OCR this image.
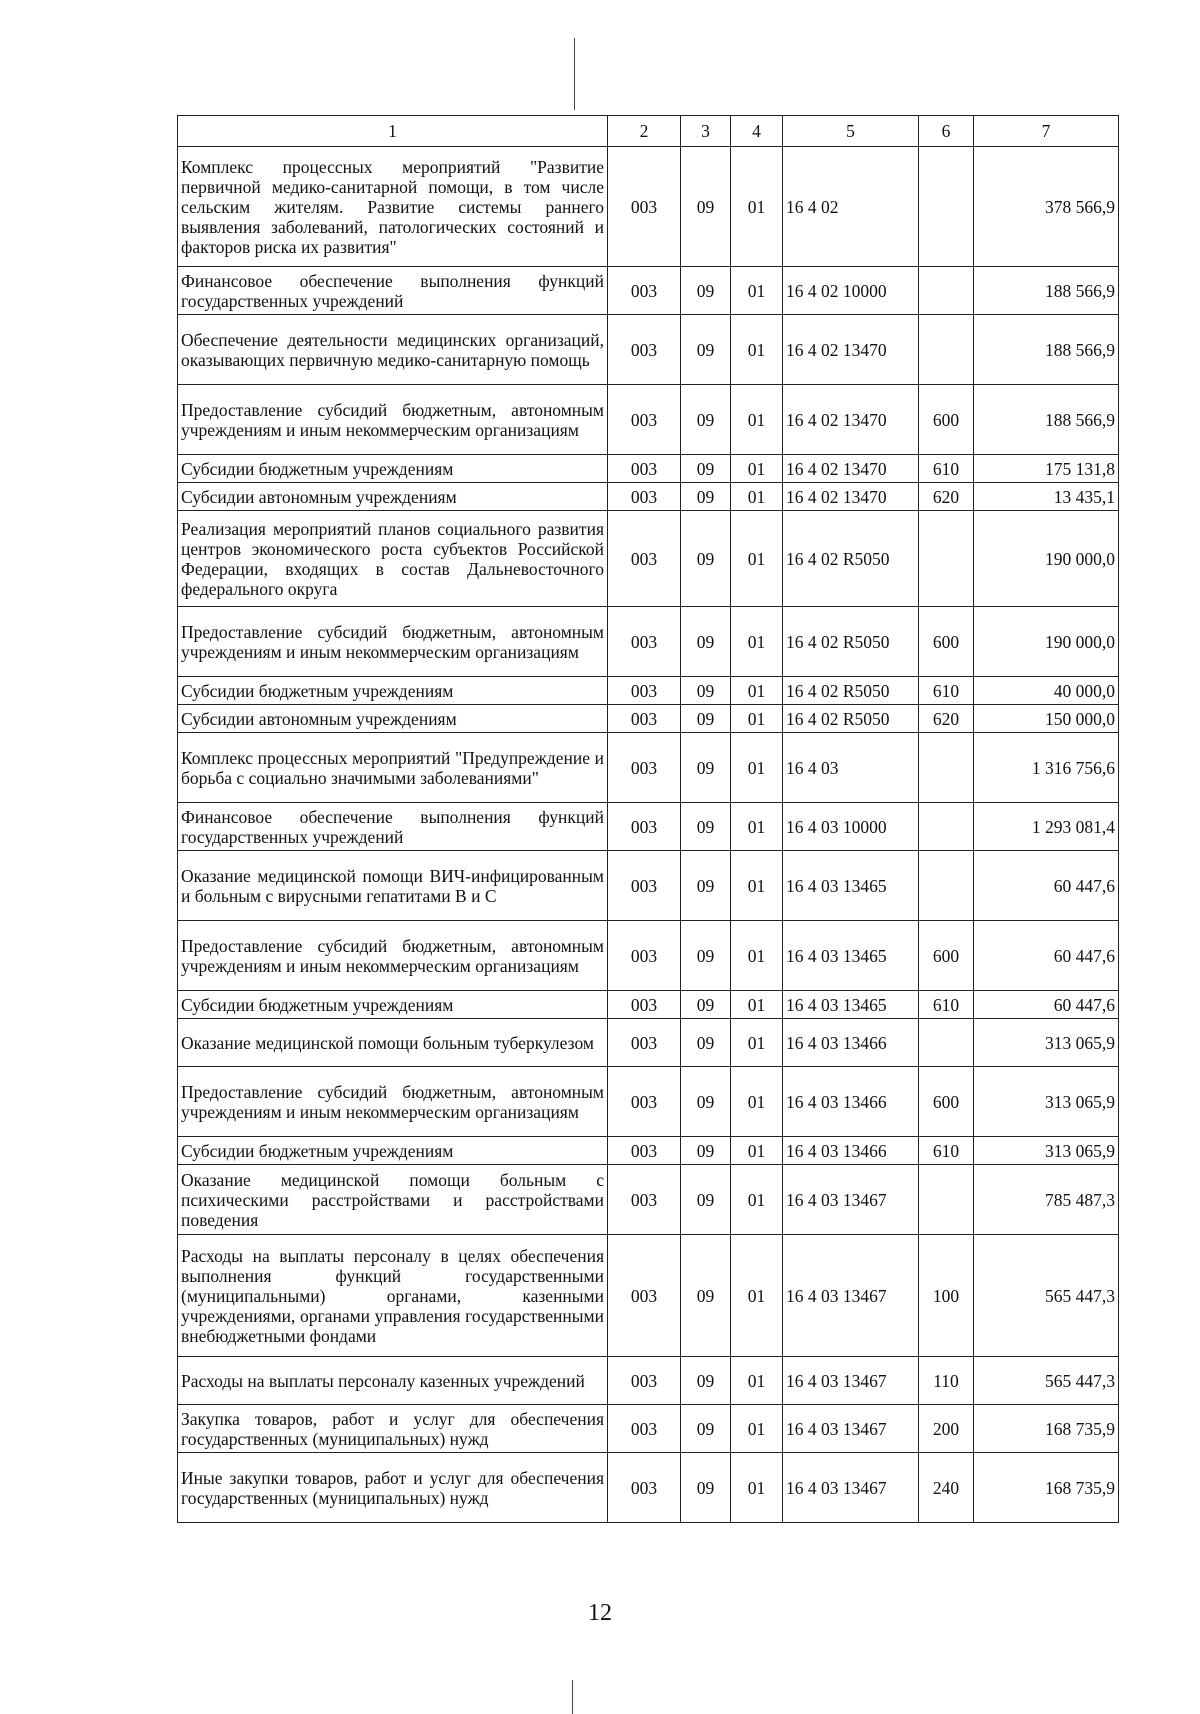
1	2	3	4	5	6	7
Комплекс процессных мероприятий "Развитие первичной медико-санитарной помощи, в том числе сельским жителям. Развитие системы раннего выявления заболеваний, патологических состояний и факторов риска их развития"	003	09	01	16 4 02		378 566,9
Финансовое обеспечение выполнения функций государственных учреждений	003	09	01	16 4 02 10000		188 566,9
Обеспечение деятельности медицинских организаций, оказывающих первичную медико-санитарную помощь	003	09	01	16 4 02 13470		188 566,9
Предоставление субсидий бюджетным, автономным учреждениям и иным некоммерческим организациям	003	09	01	16 4 02 13470	600	188 566,9
Субсидии бюджетным учреждениям	003	09	01	16 4 02 13470	610	175 131,8
Субсидии автономным учреждениям	003	09	01	16 4 02 13470	620	13 435,1
Реализация мероприятий планов социального развития центров экономического роста субъектов Российской Федерации, входящих в состав Дальневосточного федерального округа	003	09	01	16 4 02 R5050		190 000,0
Предоставление субсидий бюджетным, автономным учреждениям и иным некоммерческим организациям	003	09	01	16 4 02 R5050	600	190 000,0
Субсидии бюджетным учреждениям	003	09	01	16 4 02 R5050	610	40 000,0
Субсидии автономным учреждениям	003	09	01	16 4 02 R5050	620	150 000,0
Комплекс процессных мероприятий "Предупреждение и борьба с социально значимыми заболеваниями"	003	09	01	16 4 03		1 316 756,6
Финансовое обеспечение выполнения функций государственных учреждений	003	09	01	16 4 03 10000		1 293 081,4
Оказание медицинской помощи ВИЧ-инфицированным и больным с вирусными гепатитами В и С	003	09	01	16 4 03 13465		60 447,6
Предоставление субсидий бюджетным, автономным учреждениям и иным некоммерческим организациям	003	09	01	16 4 03 13465	600	60 447,6
Субсидии бюджетным учреждениям	003	09	01	16 4 03 13465	610	60 447,6
Оказание медицинской помощи больным туберкулезом	003	09	01	16 4 03 13466		313 065,9
Предоставление субсидий бюджетным, автономным учреждениям и иным некоммерческим организациям	003	09	01	16 4 03 13466	600	313 065,9
Субсидии бюджетным учреждениям	003	09	01	16 4 03 13466	610	313 065,9
Оказание медицинской помощи больным с психическими расстройствами и расстройствами поведения	003	09	01	16 4 03 13467		785 487,3
Расходы на выплаты персоналу в целях обеспечения выполнения функций государственными (муниципальными) органами, казенными учреждениями, органами управления государственными внебюджетными фондами	003	09	01	16 4 03 13467	100	565 447,3
Расходы на выплаты персоналу казенных учреждений	003	09	01	16 4 03 13467	110	565 447,3
Закупка товаров, работ и услуг для обеспечения государственных (муниципальных) нужд	003	09	01	16 4 03 13467	200	168 735,9
Иные закупки товаров, работ и услуг для обеспечения государственных (муниципальных) нужд	003	09	01	16 4 03 13467	240	168 735,9
12
